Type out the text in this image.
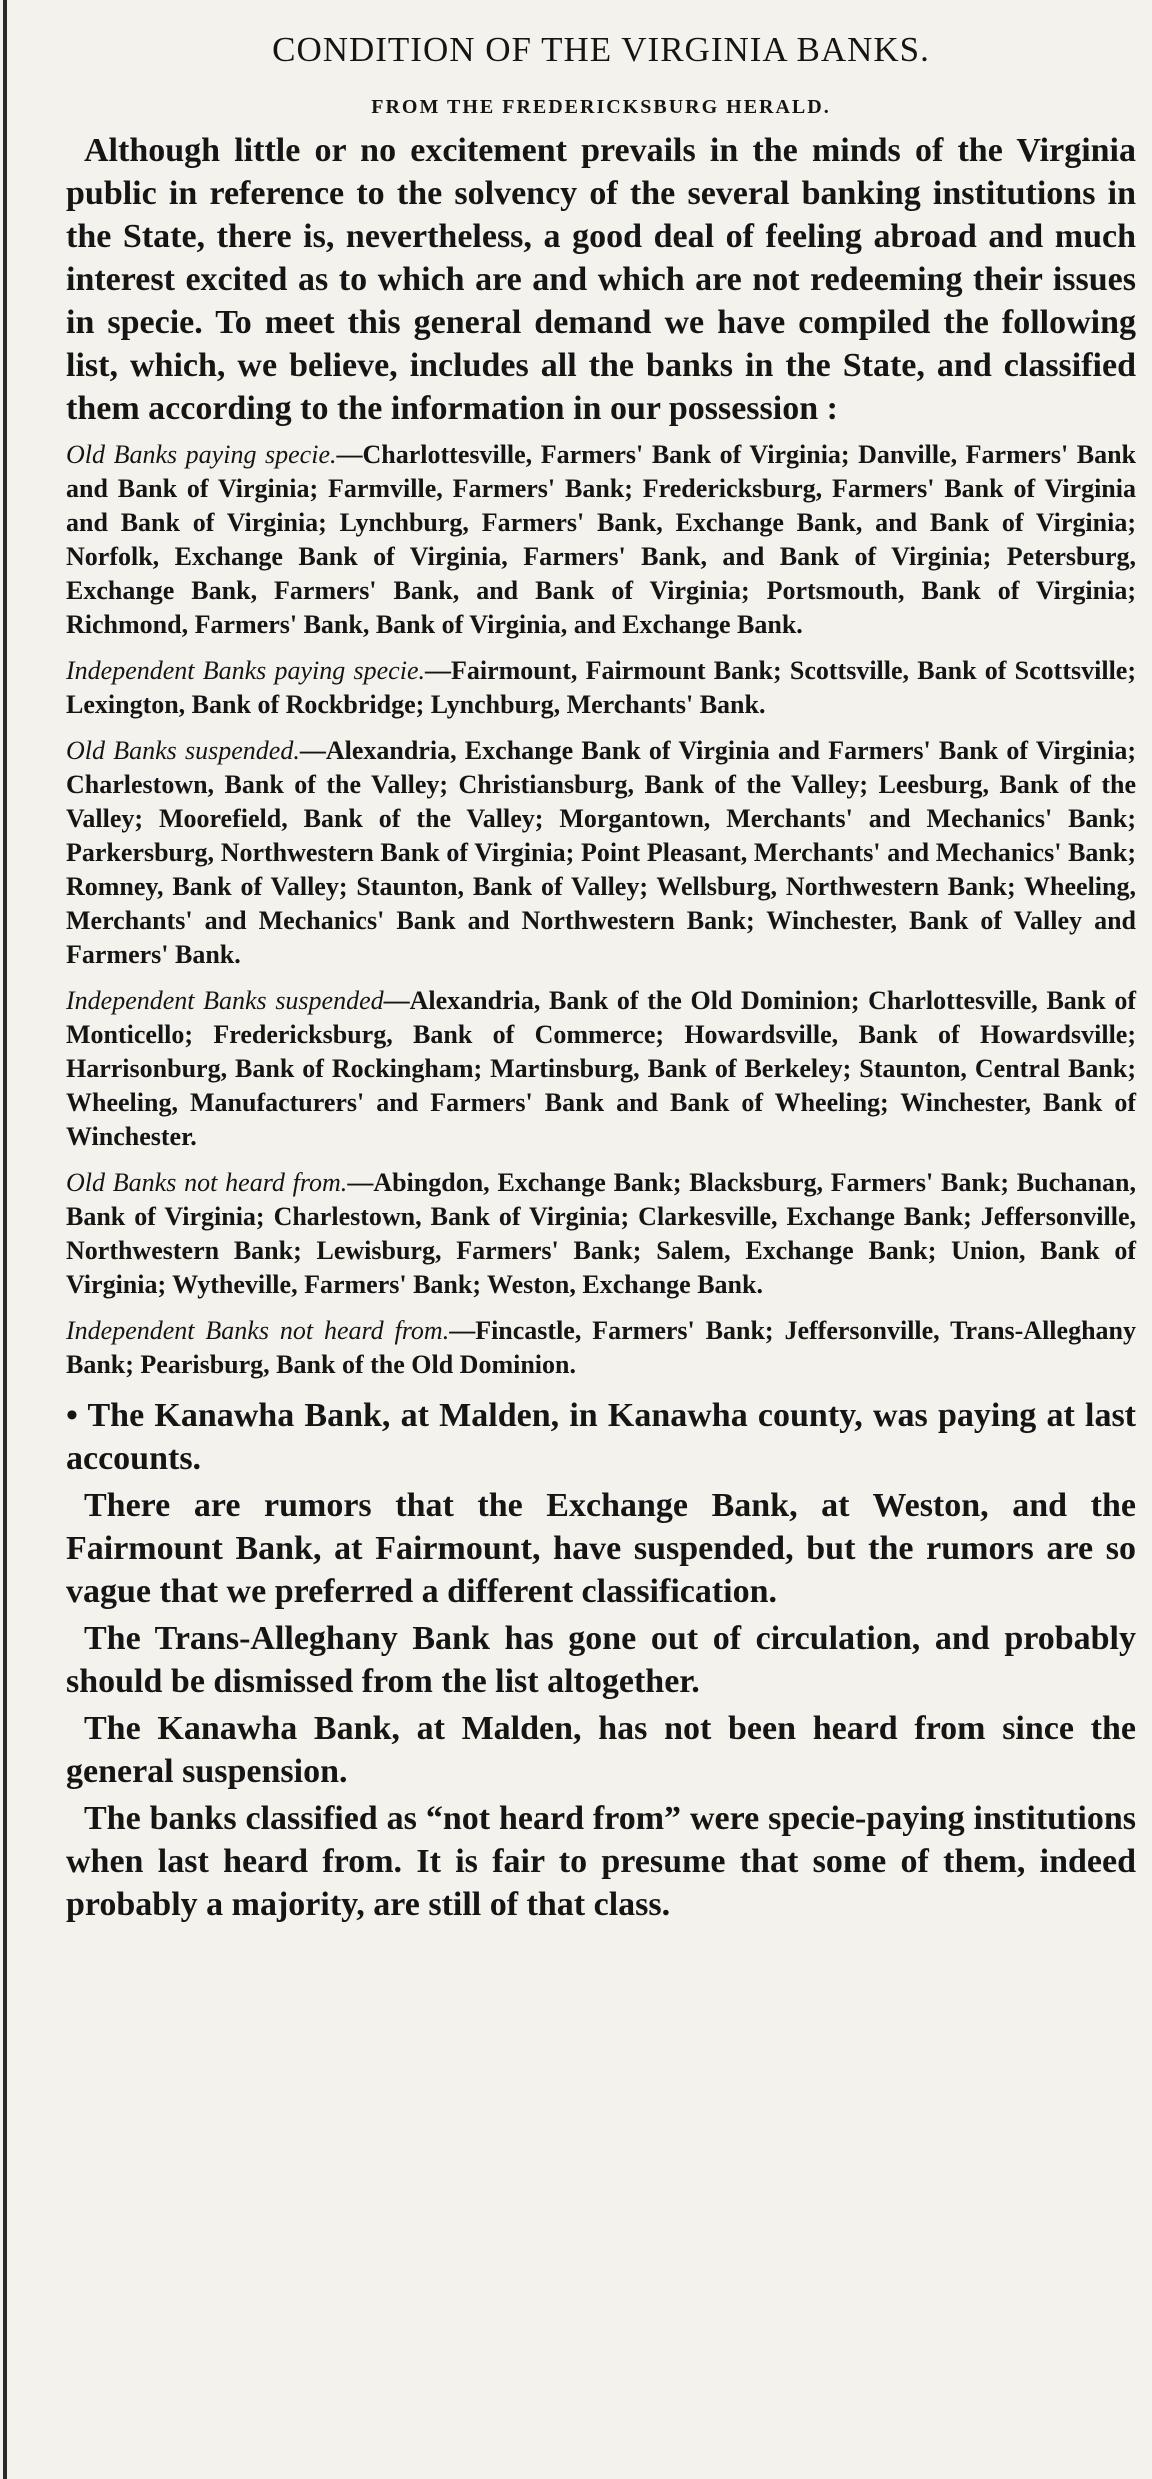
CONDITION OF THE VIRGINIA BANKS.
FROM THE FREDERICKSBURG HERALD.

Although little or no excitement prevails in the minds of the Virginia public in reference to the solvency of the several banking institutions in the State, there is, nevertheless, a good deal of feeling abroad and much interest excited as to which are and which are not redeeming their issues in specie. To meet this general demand we have compiled the following list, which, we believe, includes all the banks in the State, and classified them according to the information in our possession :

Old Banks paying specie.—Charlottesville, Farmers' Bank of Virginia; Danville, Farmers' Bank and Bank of Virginia; Farmville, Farmers' Bank; Fredericksburg, Farmers' Bank of Virginia and Bank of Virginia; Lynchburg, Farmers' Bank, Exchange Bank, and Bank of Virginia; Norfolk, Exchange Bank of Virginia, Farmers' Bank, and Bank of Virginia; Petersburg, Exchange Bank, Farmers' Bank, and Bank of Virginia; Portsmouth, Bank of Virginia; Richmond, Farmers' Bank, Bank of Virginia, and Exchange Bank.

Independent Banks paying specie.—Fairmount, Fairmount Bank; Scottsville, Bank of Scottsville; Lexington, Bank of Rockbridge; Lynchburg, Merchants' Bank.

Old Banks suspended.—Alexandria, Exchange Bank of Virginia and Farmers' Bank of Virginia; Charlestown, Bank of the Valley; Christiansburg, Bank of the Valley; Leesburg, Bank of the Valley; Moorefield, Bank of the Valley; Morgantown, Merchants' and Mechanics' Bank; Parkersburg, Northwestern Bank of Virginia; Point Pleasant, Merchants' and Mechanics' Bank; Romney, Bank of Valley; Staunton, Bank of Valley; Wellsburg, Northwestern Bank; Wheeling, Merchants' and Mechanics' Bank and Northwestern Bank; Winchester, Bank of Valley and Farmers' Bank.

Independent Banks suspended—Alexandria, Bank of the Old Dominion; Charlottesville, Bank of Monticello; Fredericksburg, Bank of Commerce; Howardsville, Bank of Howardsville; Harrisonburg, Bank of Rockingham; Martinsburg, Bank of Berkeley; Staunton, Central Bank; Wheeling, Manufacturers' and Farmers' Bank and Bank of Wheeling; Winchester, Bank of Winchester.

Old Banks not heard from.—Abingdon, Exchange Bank; Blacksburg, Farmers' Bank; Buchanan, Bank of Virginia; Charlestown, Bank of Virginia; Clarkesville, Exchange Bank; Jeffersonville, Northwestern Bank; Lewisburg, Farmers' Bank; Salem, Exchange Bank; Union, Bank of Virginia; Wytheville, Farmers' Bank; Weston, Exchange Bank.

Independent Banks not heard from.—Fincastle, Farmers' Bank; Jeffersonville, Trans-Alleghany Bank; Pearisburg, Bank of the Old Dominion.

• The Kanawha Bank, at Malden, in Kanawha county, was paying at last accounts.

There are rumors that the Exchange Bank, at Weston, and the Fairmount Bank, at Fairmount, have suspended, but the rumors are so vague that we preferred a different classification.

The Trans-Alleghany Bank has gone out of circulation, and probably should be dismissed from the list altogether.

The Kanawha Bank, at Malden, has not been heard from since the general suspension.

The banks classified as “not heard from” were specie-paying institutions when last heard from. It is fair to presume that some of them, indeed probably a majority, are still of that class.
